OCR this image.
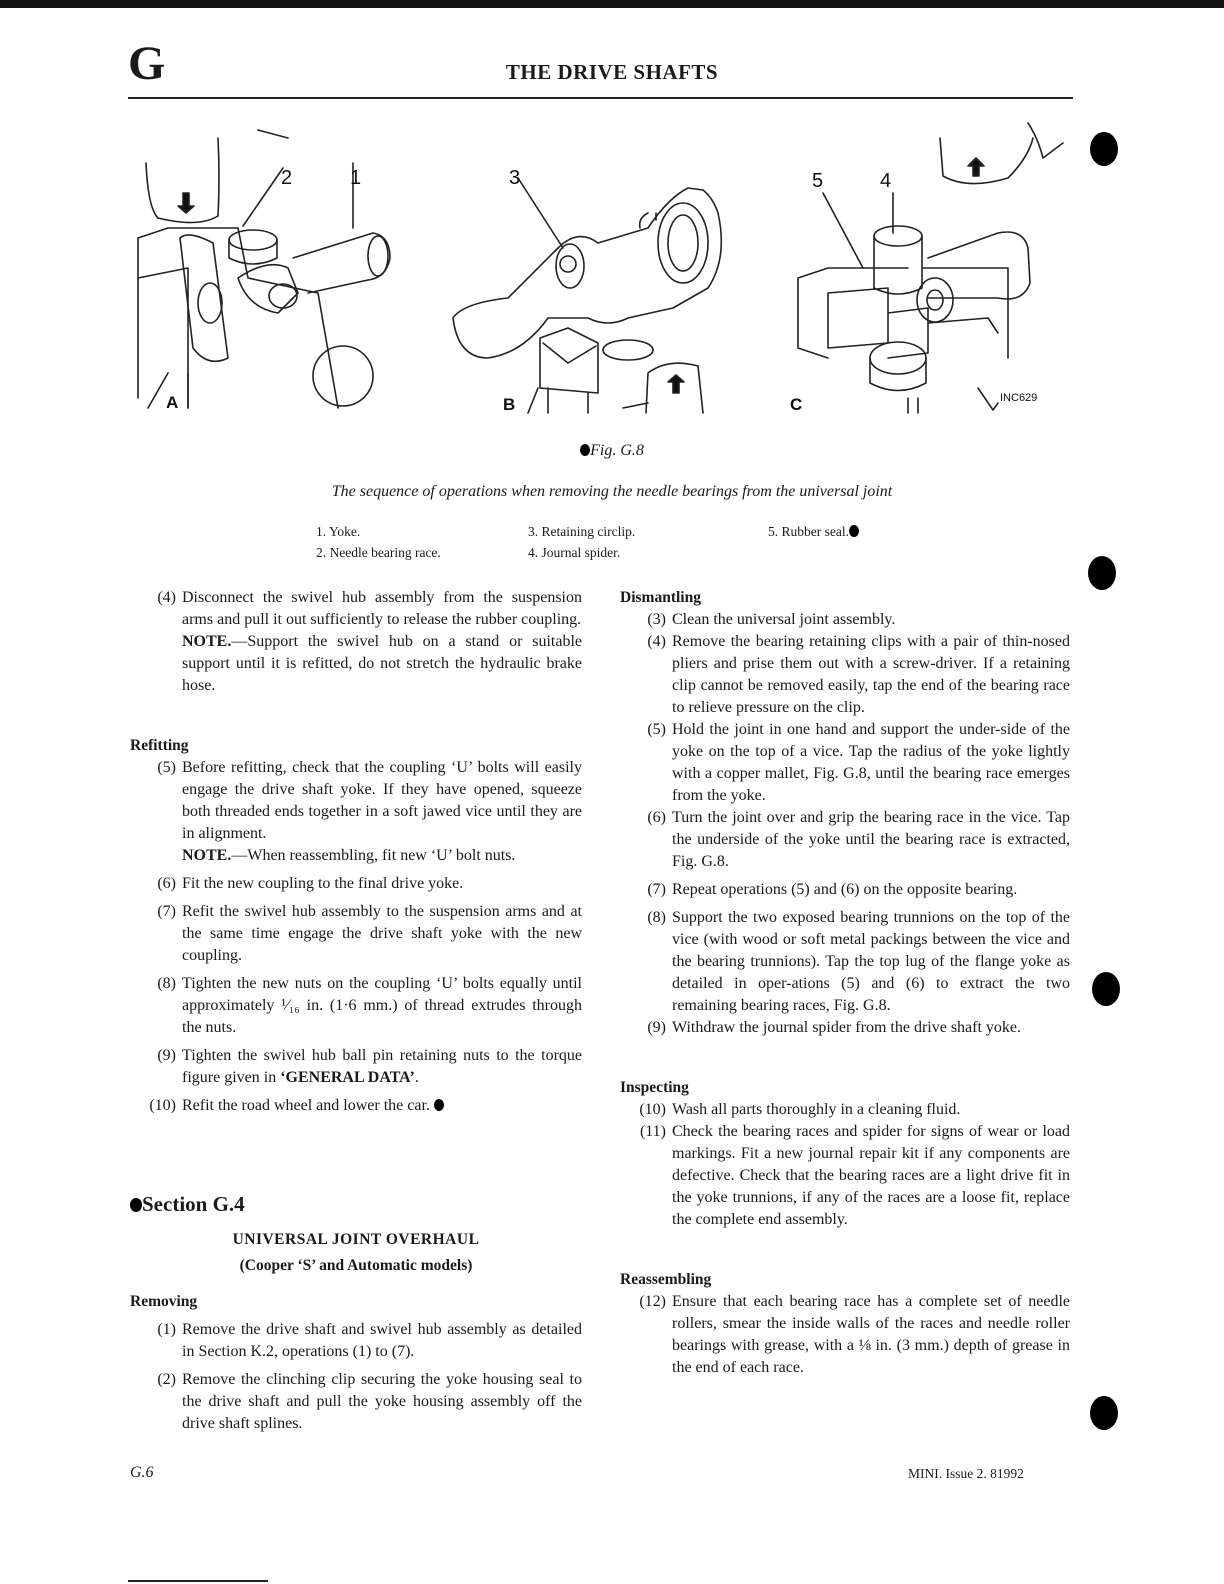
G	THE DRIVE SHAFTS
A	B	C
2	1	3	5	4
INC629
Fig. G.8
The sequence of operations when removing the needle bearings from the universal joint
1. Yoke.
2. Needle bearing race.
3. Retaining circlip.
4. Journal spider.
5. Rubber seal.
(4) Disconnect the swivel hub assembly from the suspension arms and pull it out sufficiently to release the rubber coupling.
NOTE.—Support the swivel hub on a stand or suitable support until it is refitted, do not stretch the hydraulic brake hose.

Refitting

(5) Before refitting, check that the coupling ‘U’ bolts will easily engage the drive shaft yoke. If they have opened, squeeze both threaded ends together in a soft jawed vice until they are in alignment.
NOTE.—When reassembling, fit new ‘U’ bolt nuts.
(6) Fit the new coupling to the final drive yoke.
(7) Refit the swivel hub assembly to the suspension arms and at the same time engage the drive shaft yoke with the new coupling.
(8) Tighten the new nuts on the coupling ‘U’ bolts equally until approximately ¹⁄₁₆ in. (1·6 mm.) of thread extrudes through the nuts.
(9) Tighten the swivel hub ball pin retaining nuts to the torque figure given in ‘GENERAL DATA’.
(10) Refit the road wheel and lower the car.

Section G.4

UNIVERSAL JOINT OVERHAUL
(Cooper ‘S’ and Automatic models)

Removing

(1) Remove the drive shaft and swivel hub assembly as detailed in Section K.2, operations (1) to (7).
(2) Remove the clinching clip securing the yoke housing seal to the drive shaft and pull the yoke housing assembly off the drive shaft splines.

Dismantling

(3) Clean the universal joint assembly.
(4) Remove the bearing retaining clips with a pair of thin-nosed pliers and prise them out with a screw-driver. If a retaining clip cannot be removed easily, tap the end of the bearing race to relieve pressure on the clip.
(5) Hold the joint in one hand and support the under-side of the yoke on the top of a vice. Tap the radius of the yoke lightly with a copper mallet, Fig. G.8, until the bearing race emerges from the yoke.
(6) Turn the joint over and grip the bearing race in the vice. Tap the underside of the yoke until the bearing race is extracted, Fig. G.8.
(7) Repeat operations (5) and (6) on the opposite bearing.
(8) Support the two exposed bearing trunnions on the top of the vice (with wood or soft metal packings between the vice and the bearing trunnions). Tap the top lug of the flange yoke as detailed in oper-ations (5) and (6) to extract the two remaining bearing races, Fig. G.8.
(9) Withdraw the journal spider from the drive shaft yoke.

Inspecting

(10) Wash all parts thoroughly in a cleaning fluid.
(11) Check the bearing races and spider for signs of wear or load markings. Fit a new journal repair kit if any components are defective. Check that the bearing races are a light drive fit in the yoke trunnions, if any of the races are a loose fit, replace the complete end assembly.

Reassembling

(12) Ensure that each bearing race has a complete set of needle rollers, smear the inside walls of the races and needle roller bearings with grease, with a ⅛ in. (3 mm.) depth of grease in the end of each race.
G.6	MINI. Issue 2. 81992
